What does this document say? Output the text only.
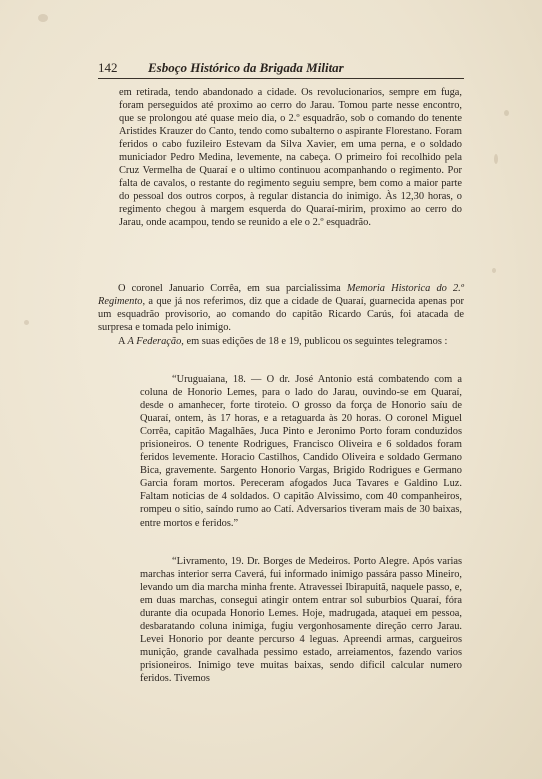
142 Esboço Histórico da Brigada Militar

em retirada, tendo abandonado a cidade. Os revolucionarios, sempre em fuga, foram perseguidos até proximo ao cerro do Jarau. Tomou parte nesse encontro, que se prolongou até quase meio dia, o 2.º esquadrão, sob o comando do tenente Aristides Krauzer do Canto, tendo como subalterno o aspirante Florestano. Foram feridos o cabo fuzileiro Estevam da Silva Xavier, em uma perna, e o soldado municiador Pedro Medina, levemente, na cabeça. O primeiro foi recolhido pela Cruz Vermelha de Quaraí e o ultimo continuou acompanhando o regimento. Por falta de cavalos, o restante do regimento seguiu sempre, bem como a maior parte do pessoal dos outros corpos, à regular distancia do inimigo. Às 12,30 horas, o regimento chegou à margem esquerda do Quaraí-mirim, proximo ao cerro do Jarau, onde acampou, tendo se reunido a ele o 2.º esquadrão.

O coronel Januario Corrêa, em sua parcialissima Memoria Historica do 2.º Regimento, a que já nos referimos, diz que a cidade de Quaraí, guarnecida apenas por um esquadrão provisorio, ao comando do capitão Ricardo Carús, foi atacada de surpresa e tomada pelo inimigo.

A A Federação, em suas edições de 18 e 19, publicou os seguintes telegramos :

“Uruguaiana, 18. — O dr. José Antonio está combatendo com a coluna de Honorio Lemes, para o lado do Jarau, ouvindo-se em Quaraí, desde o amanhecer, forte tiroteio. O grosso da força de Honorio saíu de Quaraí, ontem, às 17 horas, e a retaguarda às 20 horas. O coronel Miguel Corrêa, capitão Magalhães, Juca Pinto e Jeronimo Porto foram conduzidos prisioneiros. O tenente Rodrigues, Francisco Oliveira e 6 soldados foram feridos levemente. Horacio Castilhos, Candido Oliveira e soldado Germano Bica, gravemente. Sargento Honorio Vargas, Brigido Rodrigues e Germano Garcia foram mortos. Pereceram afogados Juca Tavares e Galdino Luz. Faltam noticias de 4 soldados. O capitão Alvissimo, com 40 companheiros, rompeu o sitio, saíndo rumo ao Catí. Adversarios tiveram mais de 30 baixas, entre mortos e feridos.”

“Livramento, 19. Dr. Borges de Medeiros. Porto Alegre. Após varias marchas interior serra Caverá, fui informado inimigo passára passo Mineiro, levando um dia marcha minha frente. Atravessei Ibirapuitã, naquele passo, e, em duas marchas, consegui atingir ontem entrar sol suburbios Quaraí, fóra durante dia ocupada Honorio Lemes. Hoje, madrugada, ataquei em pessoa, desbaratando coluna inimiga, fugiu vergonhosamente direção cerro Jarau. Levei Honorio por deante percurso 4 leguas. Apreendi armas, cargueiros munição, grande cavalhada pessimo estado, arreiamentos, fazendo varios prisioneiros. Inimigo teve muitas baixas, sendo dificil calcular numero feridos. Tivemos
